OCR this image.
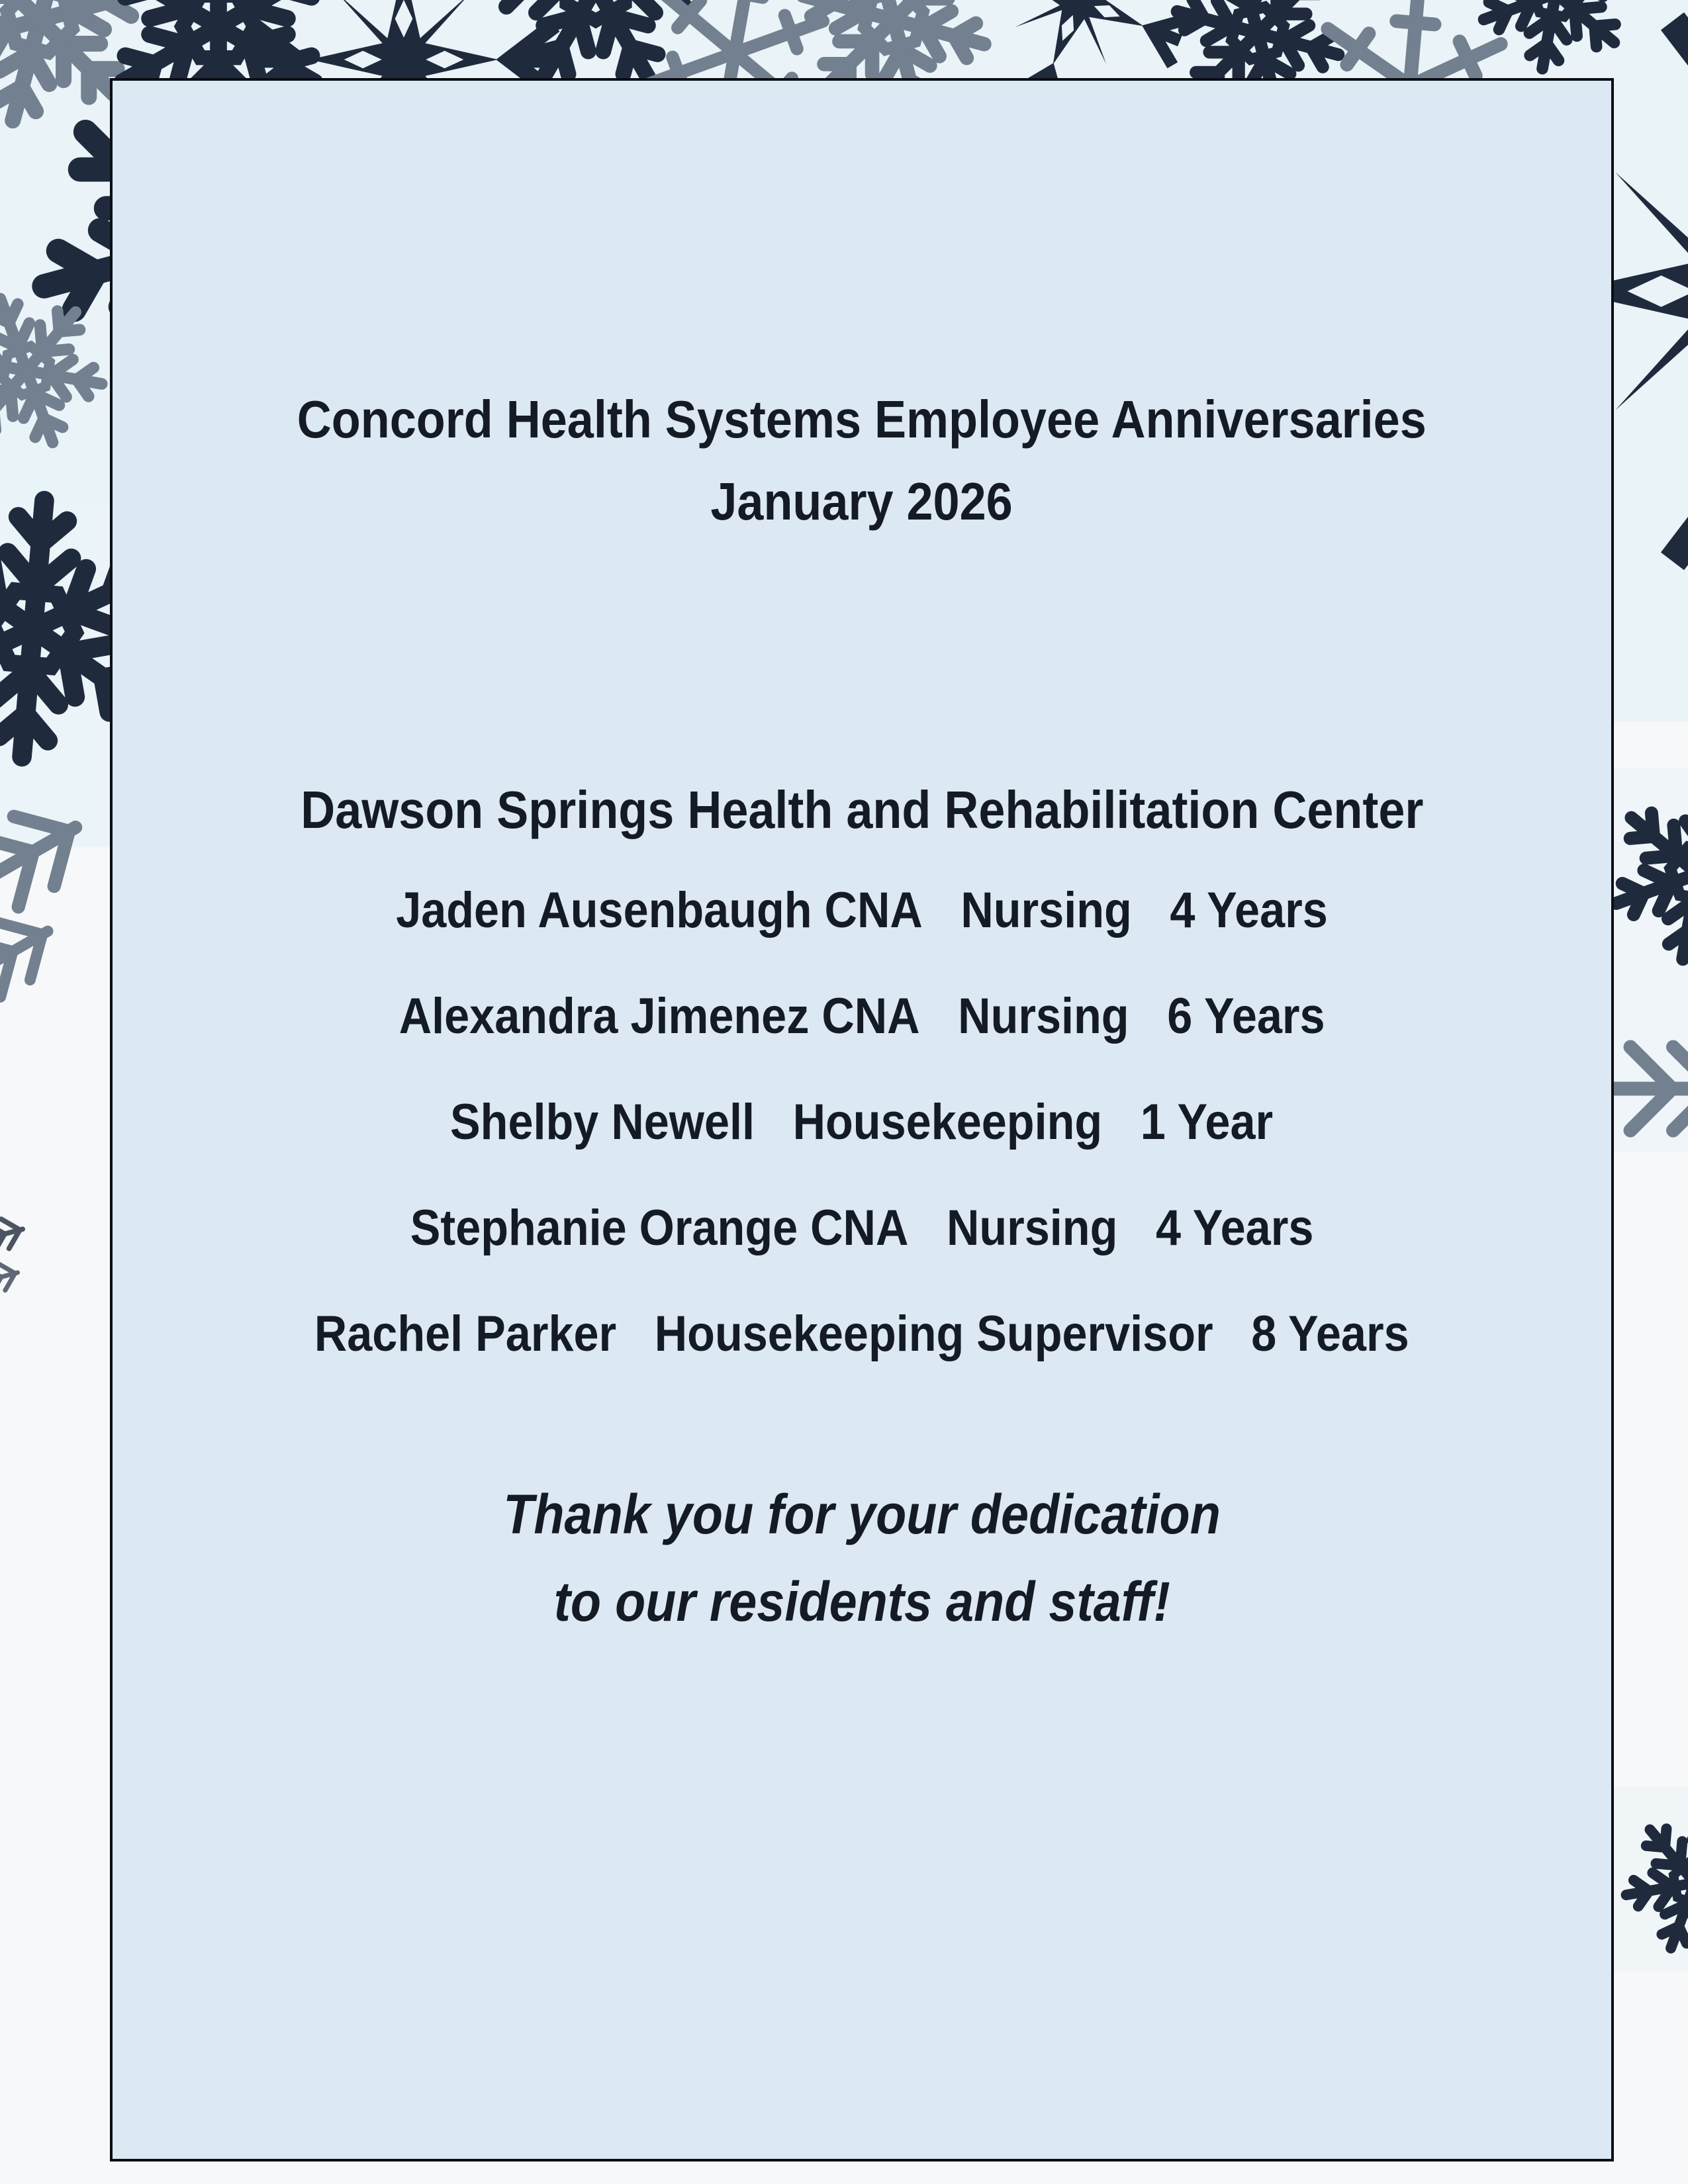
Concord Health Systems Employee Anniversaries
January 2026
Dawson Springs Health and Rehabilitation Center
Jaden Ausenbaugh CNA Nursing 4 Years
Alexandra Jimenez CNA Nursing 6 Years
Shelby Newell Housekeeping 1 Year
Stephanie Orange CNA Nursing 4 Years
Rachel Parker Housekeeping Supervisor 8 Years
Thank you for your dedication
to our residents and staff!
